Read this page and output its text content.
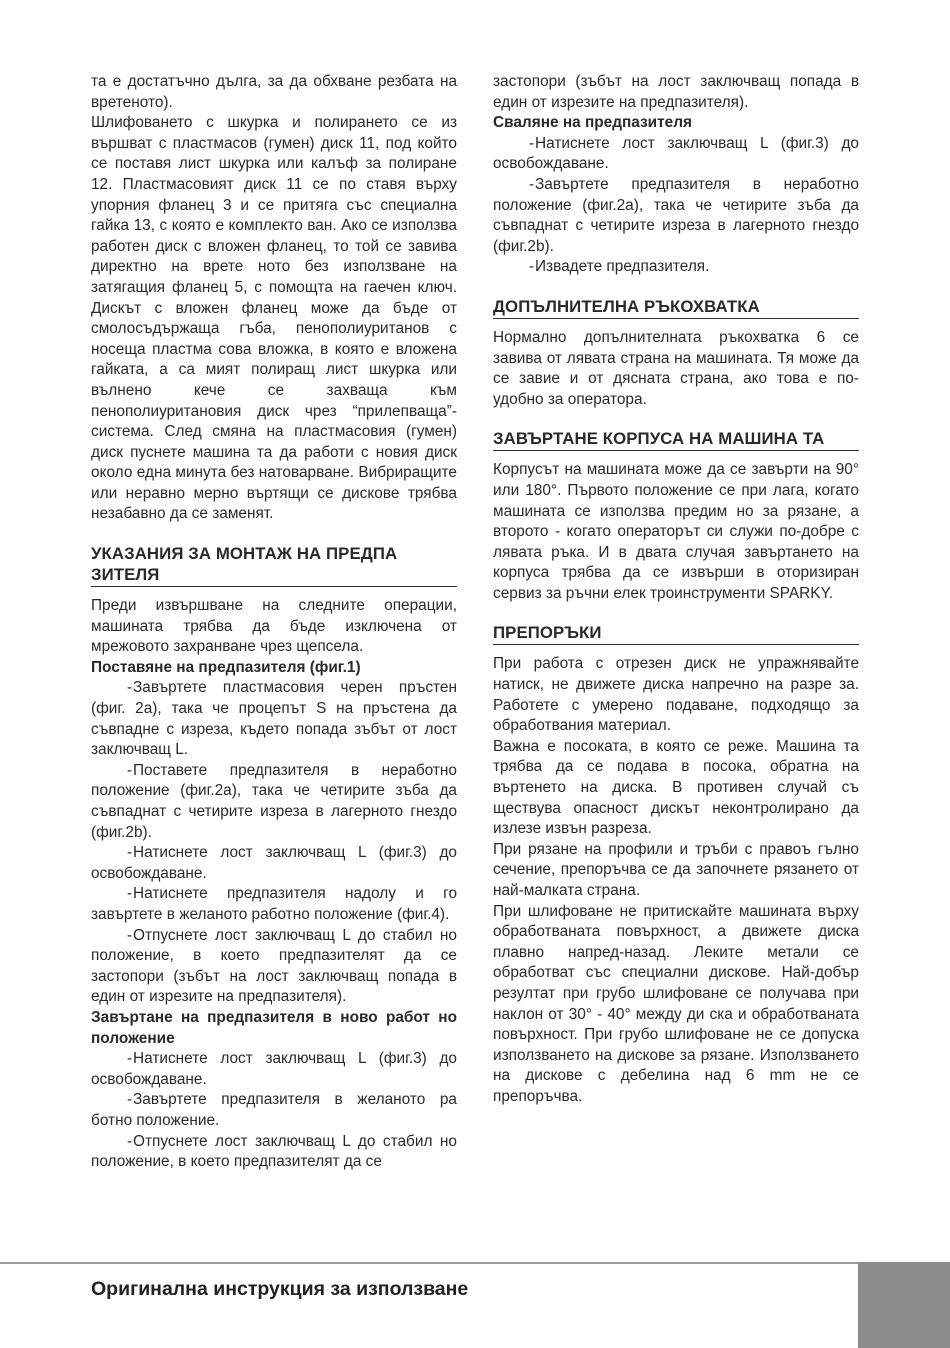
та е достатъчно дълга, за да обхване резбата на вретеното).

Шлифоването с шкурка и полирането се из вършват с пластмасов (гумен) диск 11, под който се поставя лист шкурка или калъф за полиране 12. Пластмасовият диск 11 се по ставя върху упорния фланец 3 и се притяга със специална гайка 13, с която е комплекто ван. Ако се използва работен диск с вложен фланец, то той се завива директно на врете ното без използване на затягащия фланец 5, с помощта на гаечен ключ. Дискът с вложен фланец може да бъде от смолосъдържаща гъба, пенополиуританов с носеща пластма сова вложка, в която е вложена гайката, а са мият полиращ лист шкурка или вълнено кече се захваща към пенополиуритановия диск чрез “прилепваща”- система. След смяна на пластмасовия (гумен) диск пуснете машина та да работи с новия диск около една минута без натоварване. Вибриращите или неравно мерно въртящи се дискове трябва незабавно да се заменят.

УКАЗАНИЯ ЗА МОНТАЖ НА ПРЕДПА ЗИТЕЛЯ

Преди извършване на следните операции, машината трябва да бъде изключена от мрежовото захранване чрез щепсела.

Поставяне на предпазителя (фиг.1)

-Завъртете пластмасовия черен пръстен (фиг. 2а), така че процепът S на пръстена да съвпадне с изреза, където попада зъбът от лост заключващ L.

-Поставете предпазителя в неработно положение (фиг.2а), така че четирите зъба да съвпаднат с четирите изреза в лагерното гнездо (фиг.2b).

-Натиснете лост заключващ L (фиг.3) до освобождаване.

-Натиснете предпазителя надолу и го завъртете в желаното работно положение (фиг.4).

-Отпуснете лост заключващ L до стабил но положение, в което предпазителят да се застопори (зъбът на лост заключващ попада в един от изрезите на предпазителя).

Завъртане на предпазителя в ново работ но положение

-Натиснете лост заключващ L (фиг.3) до освобождаване.

-Завъртете предпазителя в желаното ра ботно положение.

-Отпуснете лост заключващ L до стабил но положение, в което предпазителят да се

застопори (зъбът на лост заключващ попада в един от изрезите на предпазителя).

Сваляне на предпазителя

-Натиснете лост заключващ L (фиг.3) до освобождаване.

-Завъртете предпазителя в неработно положение (фиг.2а), така че четирите зъба да съвпаднат с четирите изреза в лагерното гнездо (фиг.2b).

-Извадете предпазителя.

ДОПЪЛНИТЕЛНА РЪКОХВАТКА

Нормално допълнителната ръкохватка 6 се завива от лявата страна на машината. Тя може да се завие и от дясната страна, ако това е по-удобно за оператора.

ЗАВЪРТАНЕ КОРПУСА НА МАШИНА ТА

Корпусът на машината може да се завърти на 90° или 180°. Първото положение се при лага, когато машината се използва предим но за рязане, а второто - когато операторът си служи по-добре с лявата ръка. И в двата случая завъртането на корпуса трябва да се извърши в оторизиран сервиз за ръчни елек троинструменти SPARKY.

ПРЕПОРЪКИ

При работа с отрезен диск не упражнявайте натиск, не движете диска напречно на разре за. Работете с умерено подаване, подходящо за обработвания материал.

Важна е посоката, в която се реже. Машина та трябва да се подава в посока, обратна на въртенето на диска. В противен случай съ ществува опасност дискът неконтролирано да излезе извън разреза.

При рязане на профили и тръби с правоъ гълно сечение, препоръчва се да започнете рязането от най-малката страна.

При шлифоване не притискайте машината върху обработваната повърхност, а движете диска плавно напред-назад. Леките метали се обработват със специални дискове. Най-добър резултат при грубо шлифоване се получава при наклон от 30° - 40° между ди ска и обработваната повърхност. При грубо шлифоване не се допуска използването на дискове за рязане. Използването на дискове с дебелина над 6 mm не се препоръчва.

Оригинална инструкция за използване
